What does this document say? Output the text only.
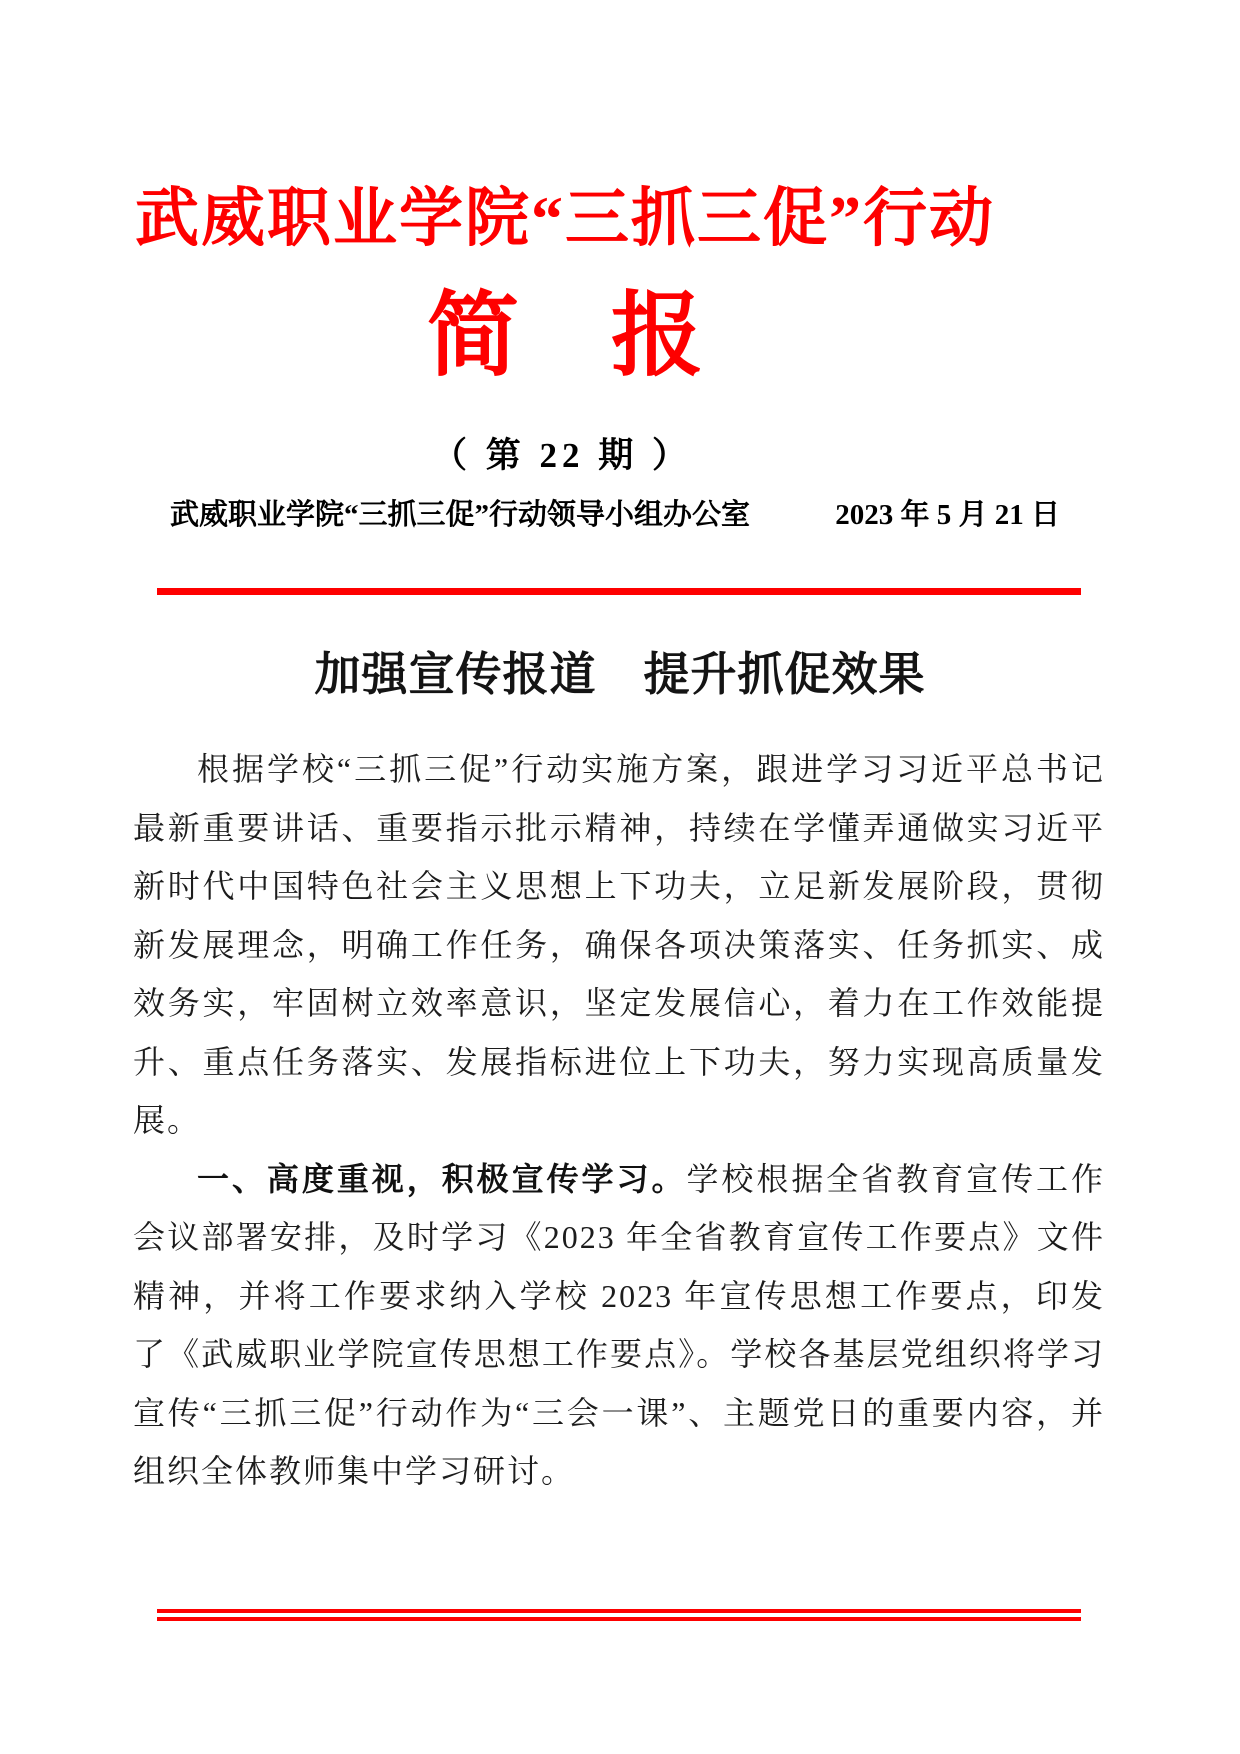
武威职业学院“三抓三促”行动
简　报
（ 第 22 期 ）
武威职业学院“三抓三促”行动领导小组办公室	2023 年 5 月 21 日
加强宣传报道　提升抓促效果

根据学校“三抓三促”行动实施方案，跟进学习习近平总书记最新重要讲话、重要指示批示精神，持续在学懂弄通做实习近平新时代中国特色社会主义思想上下功夫，立足新发展阶段，贯彻新发展理念，明确工作任务，确保各项决策落实、任务抓实、成效务实，牢固树立效率意识，坚定发展信心，着力在工作效能提升、重点任务落实、发展指标进位上下功夫，努力实现高质量发展。

一、高度重视，积极宣传学习。学校根据全省教育宣传工作会议部署安排，及时学习《2023 年全省教育宣传工作要点》文件精神，并将工作要求纳入学校 2023 年宣传思想工作要点，印发了《武威职业学院宣传思想工作要点》。学校各基层党组织将学习宣传“三抓三促”行动作为“三会一课”、主题党日的重要内容，并组织全体教师集中学习研讨。
